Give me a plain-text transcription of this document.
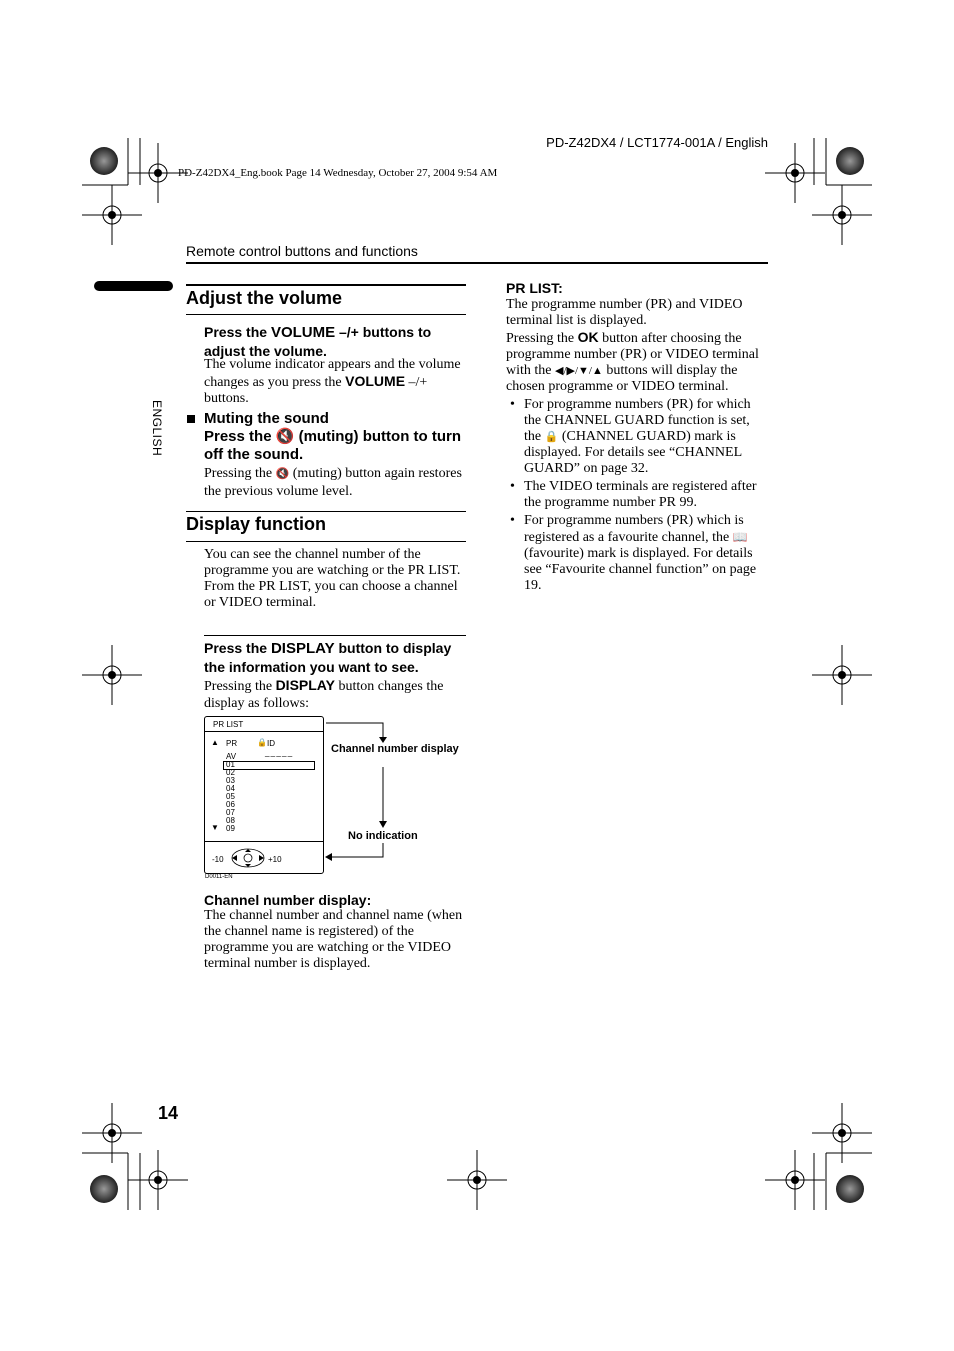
PD-Z42DX4 / LCT1774-001A / English
PD-Z42DX4_Eng.book Page 14 Wednesday, October 27, 2004 9:54 AM
Remote control buttons and functions
ENGLISH
14
Adjust the volume
Press the VOLUME –/+ buttons to adjust the volume.
The volume indicator appears and the volume changes as you press the VOLUME –/+ buttons.
Muting the sound
Press the 🔇 (muting) button to turn off the sound.
Pressing the 🔇 (muting) button again restores the previous volume level.
Display function
You can see the channel number of the programme you are watching or the PR LIST.
From the PR LIST, you can choose a channel or VIDEO terminal.
Press the DISPLAY button to display the information you want to see.
Pressing the DISPLAY button changes the display as follows:
PR LIST
▲ PR 🔒 ID
_ _ _ _ _
AV
01
02
03
04
05
06
07
08
09
▼
-10	+10
D0011-EN
Channel number display
No indication
Channel number display:
The channel number and channel name (when the channel name is registered) of the programme you are watching or the VIDEO terminal number is displayed.
PR LIST:
The programme number (PR) and VIDEO terminal list is displayed.
Pressing the OK button after choosing the programme number (PR) or VIDEO terminal with the ◀/▶/▼/▲ buttons will display the chosen programme or VIDEO terminal.
• For programme numbers (PR) for which the CHANNEL GUARD function is set, the 🔒 (CHANNEL GUARD) mark is displayed. For details see “CHANNEL GUARD” on page 32.
• The VIDEO terminals are registered after the programme number PR 99.
• For programme numbers (PR) which is registered as a favourite channel, the 📖 (favourite) mark is displayed. For details see “Favourite channel function” on page 19.
